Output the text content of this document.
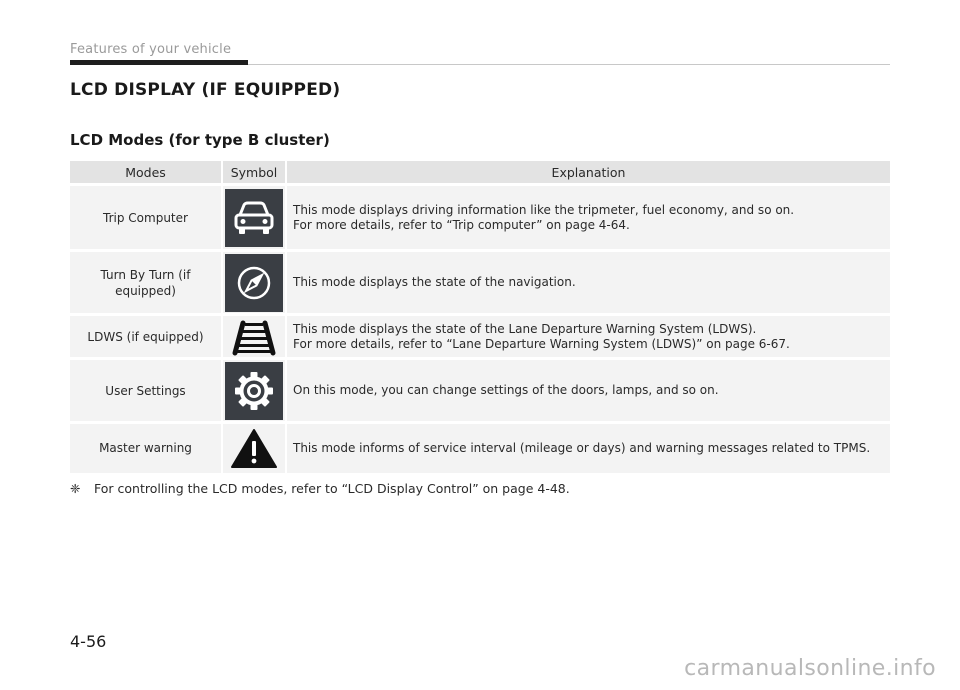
Features of your vehicle
LCD DISPLAY (IF EQUIPPED)
LCD Modes (for type B cluster)
Modes	Symbol	Explanation
Trip Computer		This mode displays driving information like the tripmeter, fuel economy, and so on.
For more details, refer to “Trip computer” on page 4-64.

Turn By Turn (if equipped)		This mode displays the state of the navigation.

LDWS (if equipped)		This mode displays the state of the Lane Departure Warning System (LDWS).
For more details, refer to “Lane Departure Warning System (LDWS)” on page 6-67.

User Settings		On this mode, you can change settings of the doors, lamps, and so on.

Master warning		This mode informs of service interval (mileage or days) and warning messages related to TPMS.
❈ For controlling the LCD modes, refer to “LCD Display Control” on page 4-48.
4-56
carmanualsonline.info
